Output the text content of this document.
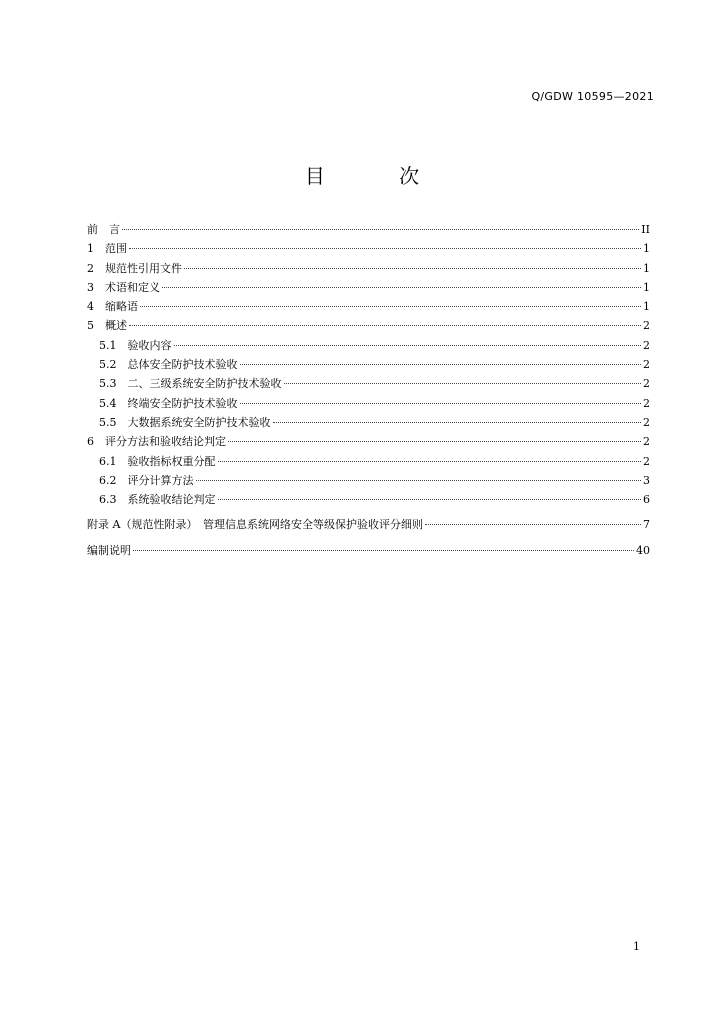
Q/GDW 10595—2021
目 次
前　言	II
1　 范围	1
2　 规范性引用文件	1
3　 术语和定义	1
4　 缩略语	1
5　 概述	2
5.1　 验收内容	2
5.2　 总体安全防护技术验收	2
5.3　 二、三级系统安全防护技术验收	2
5.4　 终端安全防护技术验收	2
5.5　 大数据系统安全防护技术验收	2
6　 评分方法和验收结论判定	2
6.1　 验收指标权重分配	2
6.2　 评分计算方法	3
6.3　 系统验收结论判定	6
附录 A（规范性附录）　管理信息系统网络安全等级保护验收评分细则	7
编制说明	40
1
